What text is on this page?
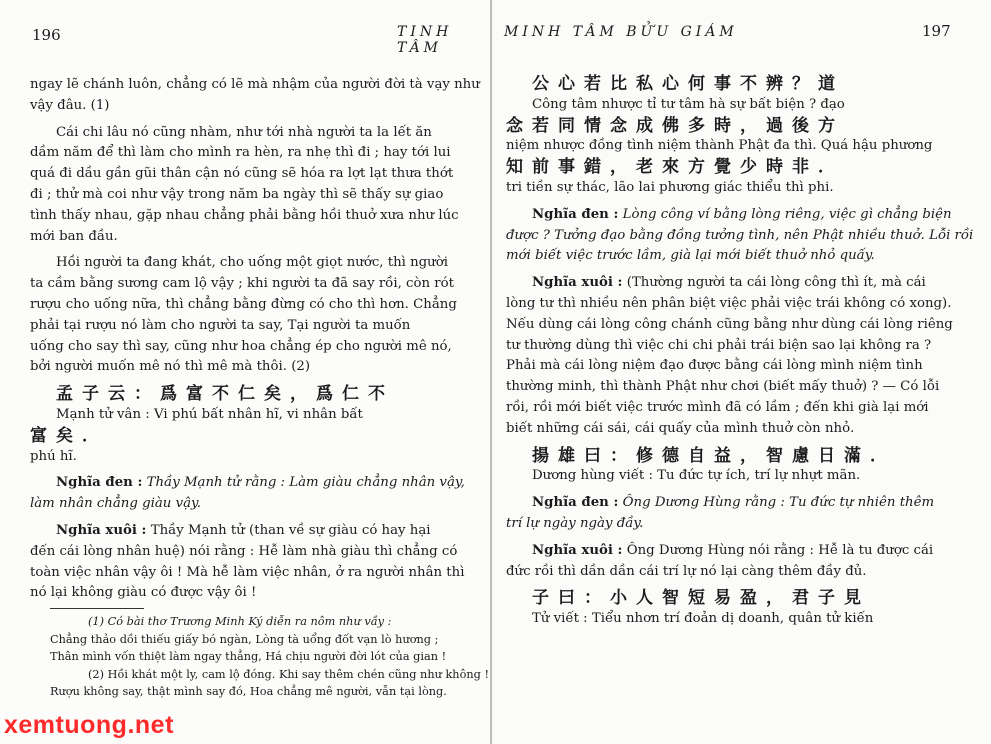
196	TINH TÂM
ngay lẽ chánh luôn, chẳng có lẽ mà nhậm của người đời tà vạy như
vậy đâu. (1)
Cái chi lâu nó cũng nhàm, như tới nhà người ta la lết ăn
dầm năm để thì làm cho mình ra hèn, ra nhẹ thì đi ; hay tới lui
quá đi dầu gần gũi thân cận nó cũng sẽ hóa ra lợt lạt thưa thớt
đi ; thử mà coi như vậy trong năm ba ngày thì sẽ thấy sự giao
tình thấy nhau, gặp nhau chẳng phải bằng hồi thuở xưa như lúc
mới ban đầu.
Hồi người ta đang khát, cho uống một giọt nước, thì người
ta cầm bằng sương cam lộ vậy ; khi người ta đã say rồi, còn rót
rượu cho uống nữa, thì chẳng bằng đừng có cho thì hơn. Chẳng
phải tại rượu nó làm cho người ta say, Tại người ta muốn
uống cho say thì say, cũng như hoa chẳng ép cho người mê nó,
bởi người muốn mê nó thì mê mà thôi. (2)
孟子云：爲富不仁矣，爲仁不
Mạnh tử vân : Vi phú bất nhân hĩ, vi nhân bất
富矣．
phú hĩ.
Nghĩa đen : Thầy Mạnh tử rằng : Làm giàu chẳng nhân vậy,
làm nhân chẳng giàu vậy.
Nghĩa xuôi : Thầy Mạnh tử (than về sự giàu có hay hại
đến cái lòng nhân huệ) nói rằng : Hễ làm nhà giàu thì chẳng có
toàn việc nhân vậy ôi ! Mà hễ làm việc nhân, ở ra người nhân thì
nó lại không giàu có được vậy ôi !
(1) Có bài thơ Trương Minh Ký diễn ra nôm như vầy :
Chẳng thảo dồi thiếu giấy bó ngàn, Lòng tà uổng đốt vạn lò hương ;
Thân mình vốn thiệt làm ngay thẳng, Há chịu người đời lót của gian !
(2) Hồi khát một ly, cam lộ đóng. Khi say thêm chén cũng như không !
Rượu không say, thật mình say đó, Hoa chẳng mê người, vẫn tại lòng.
xemtuong.net
MINH TÂM BỬU GIÁM	197
公心若比私心何事不辨？道
Công tâm nhược tỉ tư tâm hà sự bất biện ? đạo
念若同情念成佛多時，過後方
niệm nhược đồng tình niệm thành Phật đa thì. Quá hậu phương
知前事錯，老來方覺少時非．
tri tiền sự thác, lão lai phương giác thiểu thì phi.
Nghĩa đen : Lòng công ví bằng lòng riêng, việc gì chẳng biện
được ? Tưởng đạo bằng đồng tưởng tình, nên Phật nhiều thuở. Lỗi rồi
mới biết việc trước lầm, già lại mới biết thuở nhỏ quấy.
Nghĩa xuôi : (Thường người ta cái lòng công thì ít, mà cái
lòng tư thì nhiều nên phân biệt việc phải việc trái không có xong).
Nếu dùng cái lòng công chánh cũng bằng như dùng cái lòng riêng
tư thường dùng thì việc chi chi phải trái biện sao lại không ra ?
Phải mà cái lòng niệm đạo được bằng cái lòng mình niệm tình
thường minh, thì thành Phật như chơi (biết mấy thuở) ? — Có lỗi
rồi, rồi mới biết việc trước mình đã có lầm ; đến khi già lại mới
biết những cái sái, cái quấy của mình thuở còn nhỏ.
揚雄曰：修德自益，智慮日滿．
Dương hùng viết : Tu đức tự ích, trí lự nhựt mãn.
Nghĩa đen : Ông Dương Hùng rằng : Tu đức tự nhiên thêm
trí lự ngày ngày đầy.
Nghĩa xuôi : Ông Dương Hùng nói rằng : Hễ là tu được cái
đức rồi thì dần dần cái trí lự nó lại càng thêm đầy đủ.
子曰：小人智短易盈，君子見
Tử viết : Tiểu nhơn trí đoản dị doanh, quân tử kiến
